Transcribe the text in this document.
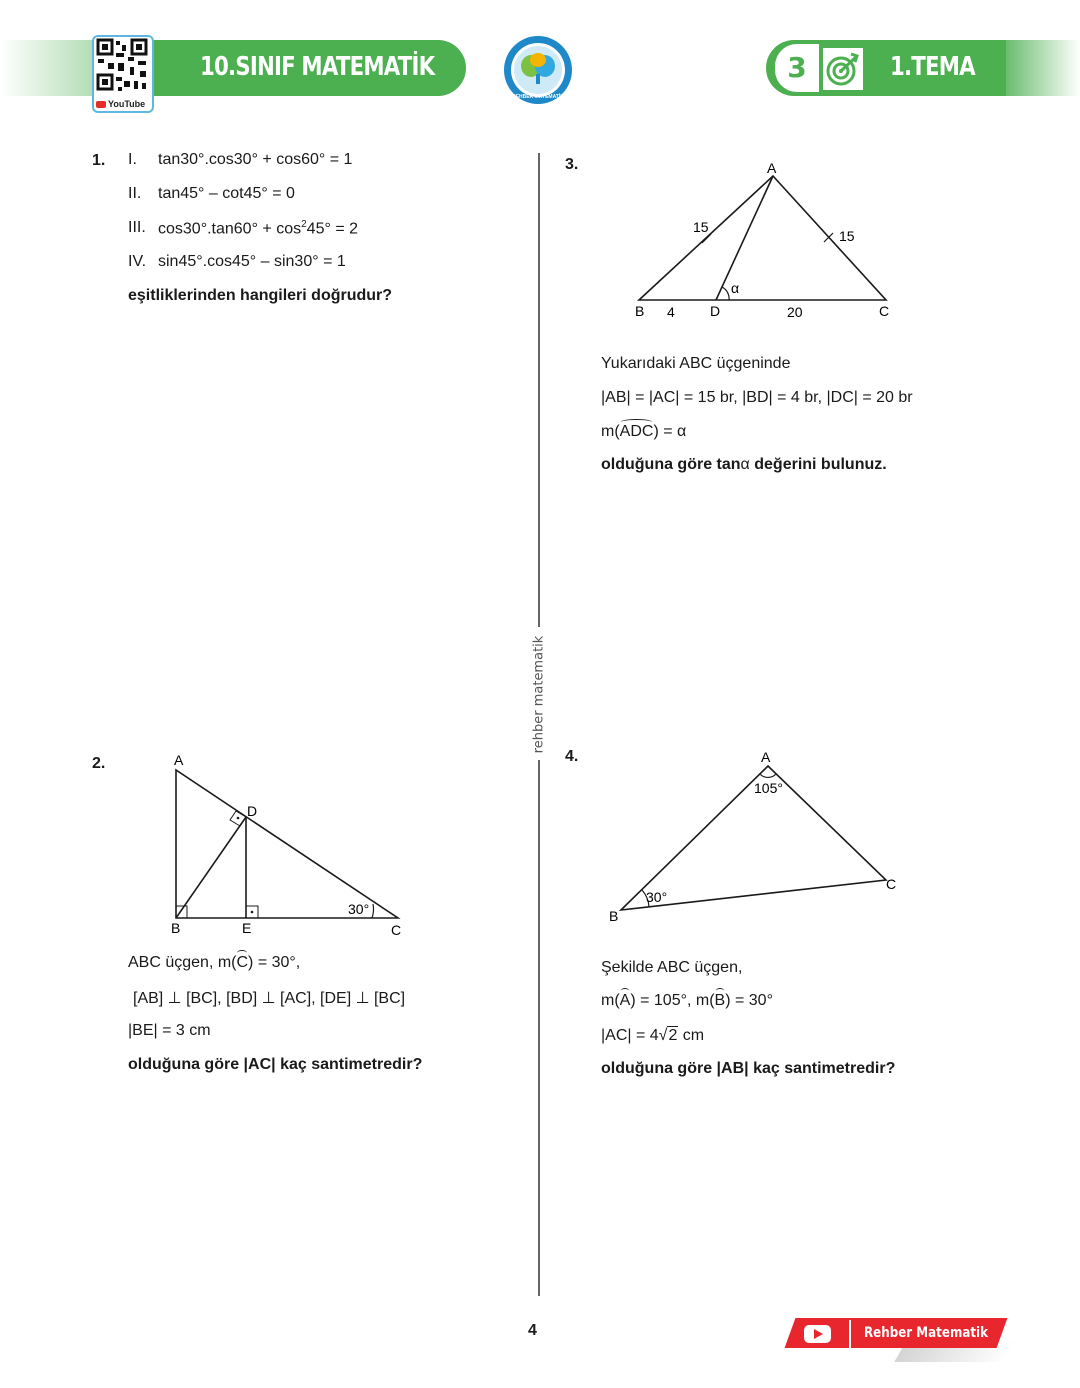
10.SINIF MATEMATİK
YouTube
REHBER MATEMATİK
3	1.TEMA
rehber matematik
1. I. tan30°.cos30° + cos60° = 1
II. tan45° – cot45° = 0
III. $\cos 30^\circ.\tan 60^\circ + \cos^245^\circ = 2$
IV. sin45°.cos45° – sin30° = 1
eşitliklerinden hangileri doğrudur?
3.	A
B	C
D
15
15
4	20
α
Yukarıdaki ABC üçgeninde
|AB| = |AC| = 15 br, |BD| = 4 br, |DC| = 20 br
m(ADC) = α
olduğuna göre tanα değerini bulunuz.
2.	A
B	C
D
E
30°
ABC üçgen, m(C) = 30°,
[AB] ⊥ [BC], [BD] ⊥ [AC], [DE] ⊥ [BC]
|BE| = 3 cm
olduğuna göre |AC| kaç santimetredir?
4.	A
B
C
105°
30°
Şekilde ABC üçgen,
m(A) = 105°, m(B) = 30°
|AC| = 4√2 cm
olduğuna göre |AB| kaç santimetredir?
4	Rehber Matematik
